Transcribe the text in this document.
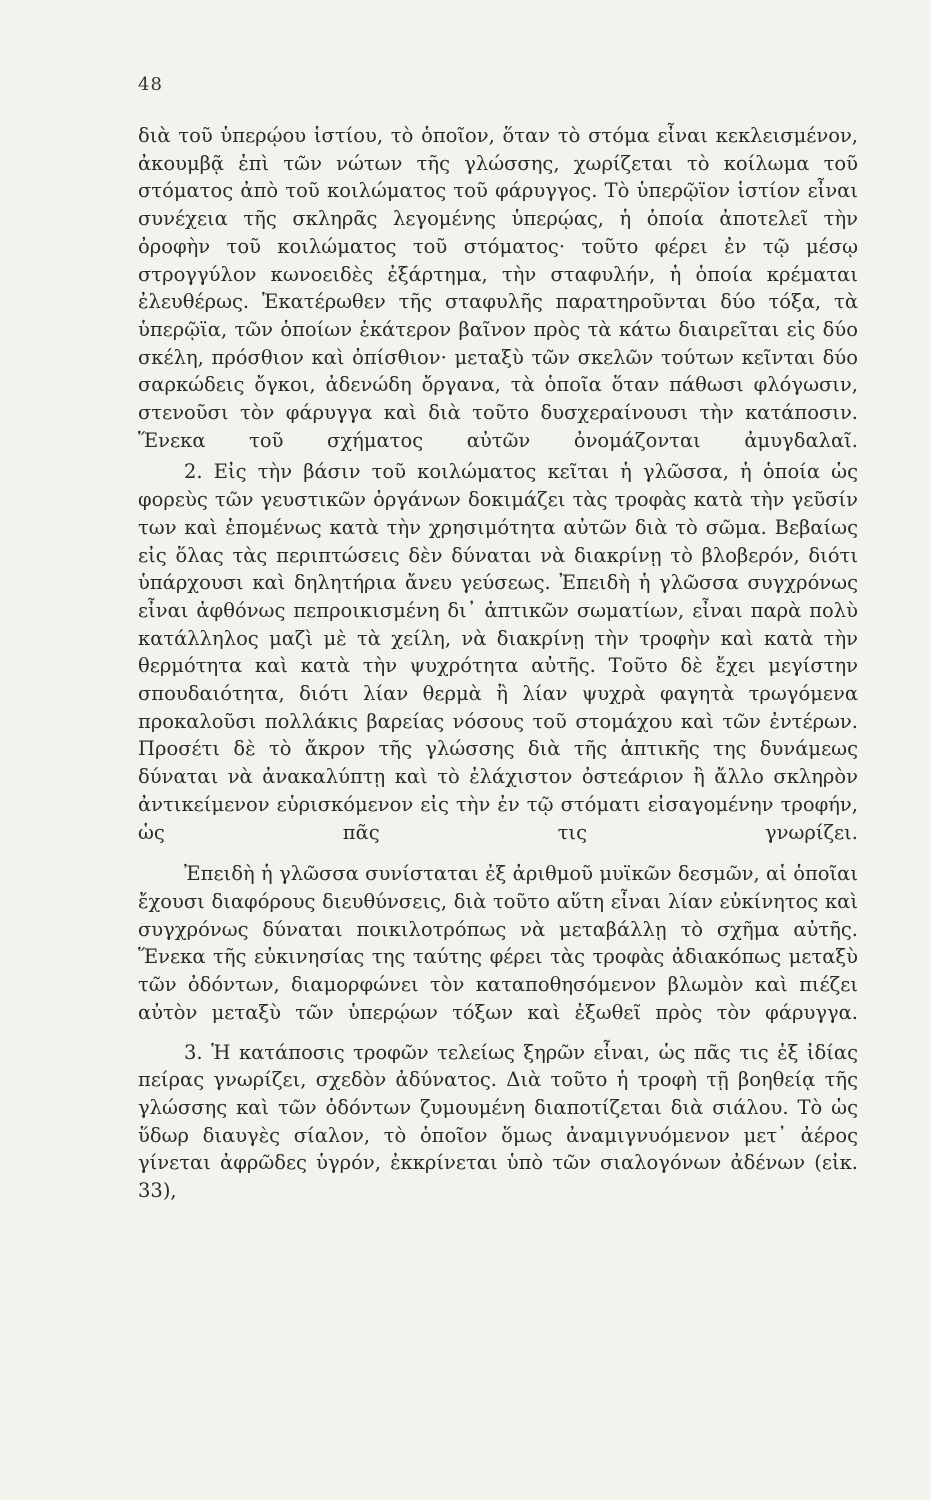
48

διὰ τοῦ ὑπερῴου ἱστίου, τὸ ὁποῖον, ὅταν τὸ στόμα εἶναι κεκλεισμένον, ἀκουμβᾷ ἐπὶ τῶν νώτων τῆς γλώσσης, χωρίζεται τὸ κοίλωμα τοῦ στόματος ἀπὸ τοῦ κοιλώματος τοῦ φάρυγγος. Τὸ ὑπερῷϊον ἱστίον εἶναι συνέχεια τῆς σκληρᾶς λεγομένης ὑπερῴας, ἡ ὁποία ἀποτελεῖ τὴν ὀροφὴν τοῦ κοιλώματος τοῦ στόματος· τοῦτο φέρει ἐν τῷ μέσῳ στρογγύλον κωνοειδὲς ἐξάρτημα, τὴν σταφυλήν, ἡ ὁποία κρέμαται ἐλευθέρως. Ἑκατέρωθεν τῆς σταφυλῆς παρατηροῦνται δύο τόξα, τὰ ὑπερῷϊα, τῶν ὁποίων ἑκάτερον βαῖνον πρὸς τὰ κάτω διαιρεῖται εἰς δύο σκέλη, πρόσθιον καὶ ὀπίσθιον· μεταξὺ τῶν σκελῶν τούτων κεῖνται δύο σαρκώδεις ὄγκοι, ἀδενώδη ὄργανα, τὰ ὁποῖα ὅταν πάθωσι φλόγωσιν, στενοῦσι τὸν φάρυγγα καὶ διὰ τοῦτο δυσχεραίνουσι τὴν κατάποσιν. Ἕνεκα τοῦ σχήματος αὐτῶν ὀνομάζονται ἀμυγδαλαῖ.

2. Εἰς τὴν βάσιν τοῦ κοιλώματος κεῖται ἡ γλῶσσα, ἡ ὁποία ὡς φορεὺς τῶν γευστικῶν ὀργάνων δοκιμάζει τὰς τροφὰς κατὰ τὴν γεῦσίν των καὶ ἑπομένως κατὰ τὴν χρησιμότητα αὐτῶν διὰ τὸ σῶμα. Βεβαίως εἰς ὅλας τὰς περιπτώσεις δὲν δύναται νὰ διακρίνῃ τὸ βλοβερόν, διότι ὑπάρχουσι καὶ δηλητήρια ἄνευ γεύσεως. Ἐπειδὴ ἡ γλῶσσα συγχρόνως εἶναι ἀφθόνως πεπροικισμένη δι᾽ ἁπτικῶν σωματίων, εἶναι παρὰ πολὺ κατάλληλος μαζὶ μὲ τὰ χείλη, νὰ διακρίνῃ τὴν τροφὴν καὶ κατὰ τὴν θερμότητα καὶ κατὰ τὴν ψυχρότητα αὐτῆς. Τοῦτο δὲ ἔχει μεγίστην σπουδαιότητα, διότι λίαν θερμὰ ἢ λίαν ψυχρὰ φαγητὰ τρωγόμενα προκαλοῦσι πολλάκις βαρείας νόσους τοῦ στομάχου καὶ τῶν ἐντέρων. Προσέτι δὲ τὸ ἄκρον τῆς γλώσσης διὰ τῆς ἁπτικῆς της δυνάμεως δύναται νὰ ἀνακαλύπτῃ καὶ τὸ ἐλάχιστον ὀστεάριον ἢ ἄλλο σκληρὸν ἀντικείμενον εὑρισκόμενον εἰς τὴν ἐν τῷ στόματι εἰσαγομένην τροφήν, ὡς πᾶς τις γνωρίζει.

Ἐπειδὴ ἡ γλῶσσα συνίσταται ἐξ ἀριθμοῦ μυϊκῶν δεσμῶν, αἱ ὁποῖαι ἔχουσι διαφόρους διευθύνσεις, διὰ τοῦτο αὕτη εἶναι λίαν εὐκίνητος καὶ συγχρόνως δύναται ποικιλοτρόπως νὰ μεταβάλλῃ τὸ σχῆμα αὐτῆς. Ἕνεκα τῆς εὐκινησίας της ταύτης φέρει τὰς τροφὰς ἀδιακόπως μεταξὺ τῶν ὀδόντων, διαμορφώνει τὸν καταποθησόμενον βλωμὸν καὶ πιέζει αὐτὸν μεταξὺ τῶν ὑπερῴων τόξων καὶ ἐξωθεῖ πρὸς τὸν φάρυγγα.

3. Ἡ κατάποσις τροφῶν τελείως ξηρῶν εἶναι, ὡς πᾶς τις ἐξ ἰδίας πείρας γνωρίζει, σχεδὸν ἀδύνατος. Διὰ τοῦτο ἡ τροφὴ τῇ βοηθείᾳ τῆς γλώσσης καὶ τῶν ὀδόντων ζυμουμένη διαποτίζεται διὰ σιάλου. Τὸ ὡς ὕδωρ διαυγὲς σίαλον, τὸ ὁποῖον ὅμως ἀναμιγνυόμενον μετ᾽ ἀέρος γίνεται ἀφρῶδες ὑγρόν, ἐκκρίνεται ὑπὸ τῶν σιαλογόνων ἀδένων (εἰκ. 33),
